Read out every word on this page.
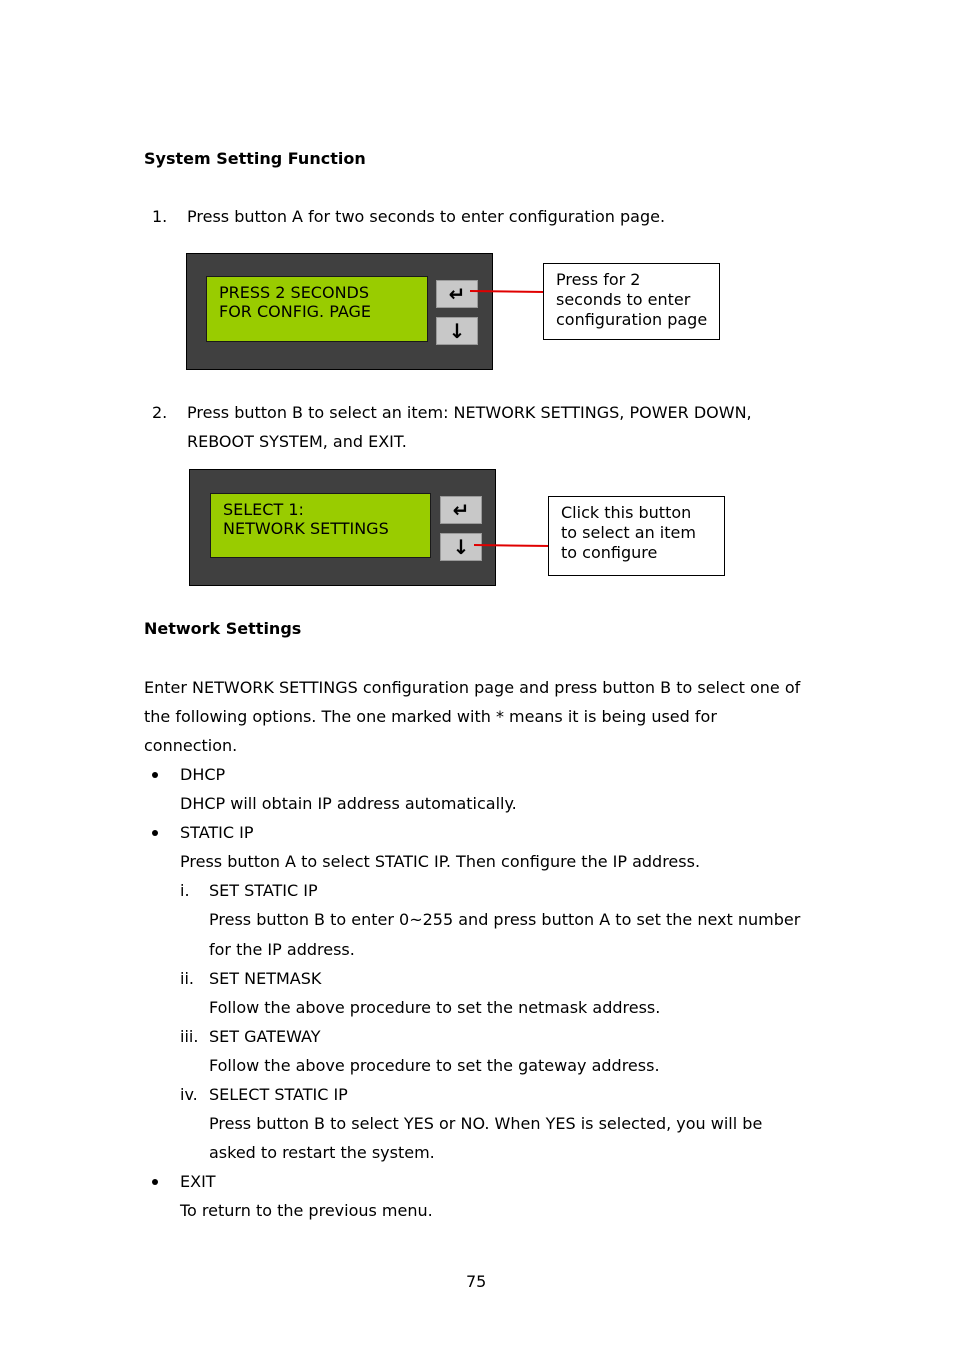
System Setting Function
1. Press button A for two seconds to enter configuration page.
PRESS 2 SECONDS
FOR CONFIG. PAGE
↵
↓
Press for 2
seconds to enter
configuration page
2. Press button B to select an item: NETWORK SETTINGS, POWER DOWN,
REBOOT SYSTEM, and EXIT.
SELECT 1:
NETWORK SETTINGS
↵
↓
Click this button
to select an item
to configure
Network Settings
Enter NETWORK SETTINGS configuration page and press button B to select one of
the following options. The one marked with * means it is being used for
connection.
DHCP
DHCP will obtain IP address automatically.
STATIC IP
Press button A to select STATIC IP. Then configure the IP address.
i. SET STATIC IP
Press button B to enter 0~255 and press button A to set the next number
for the IP address.
ii. SET NETMASK
Follow the above procedure to set the netmask address.
iii. SET GATEWAY
Follow the above procedure to set the gateway address.
iv. SELECT STATIC IP
Press button B to select YES or NO. When YES is selected, you will be
asked to restart the system.
EXIT
To return to the previous menu.
75
